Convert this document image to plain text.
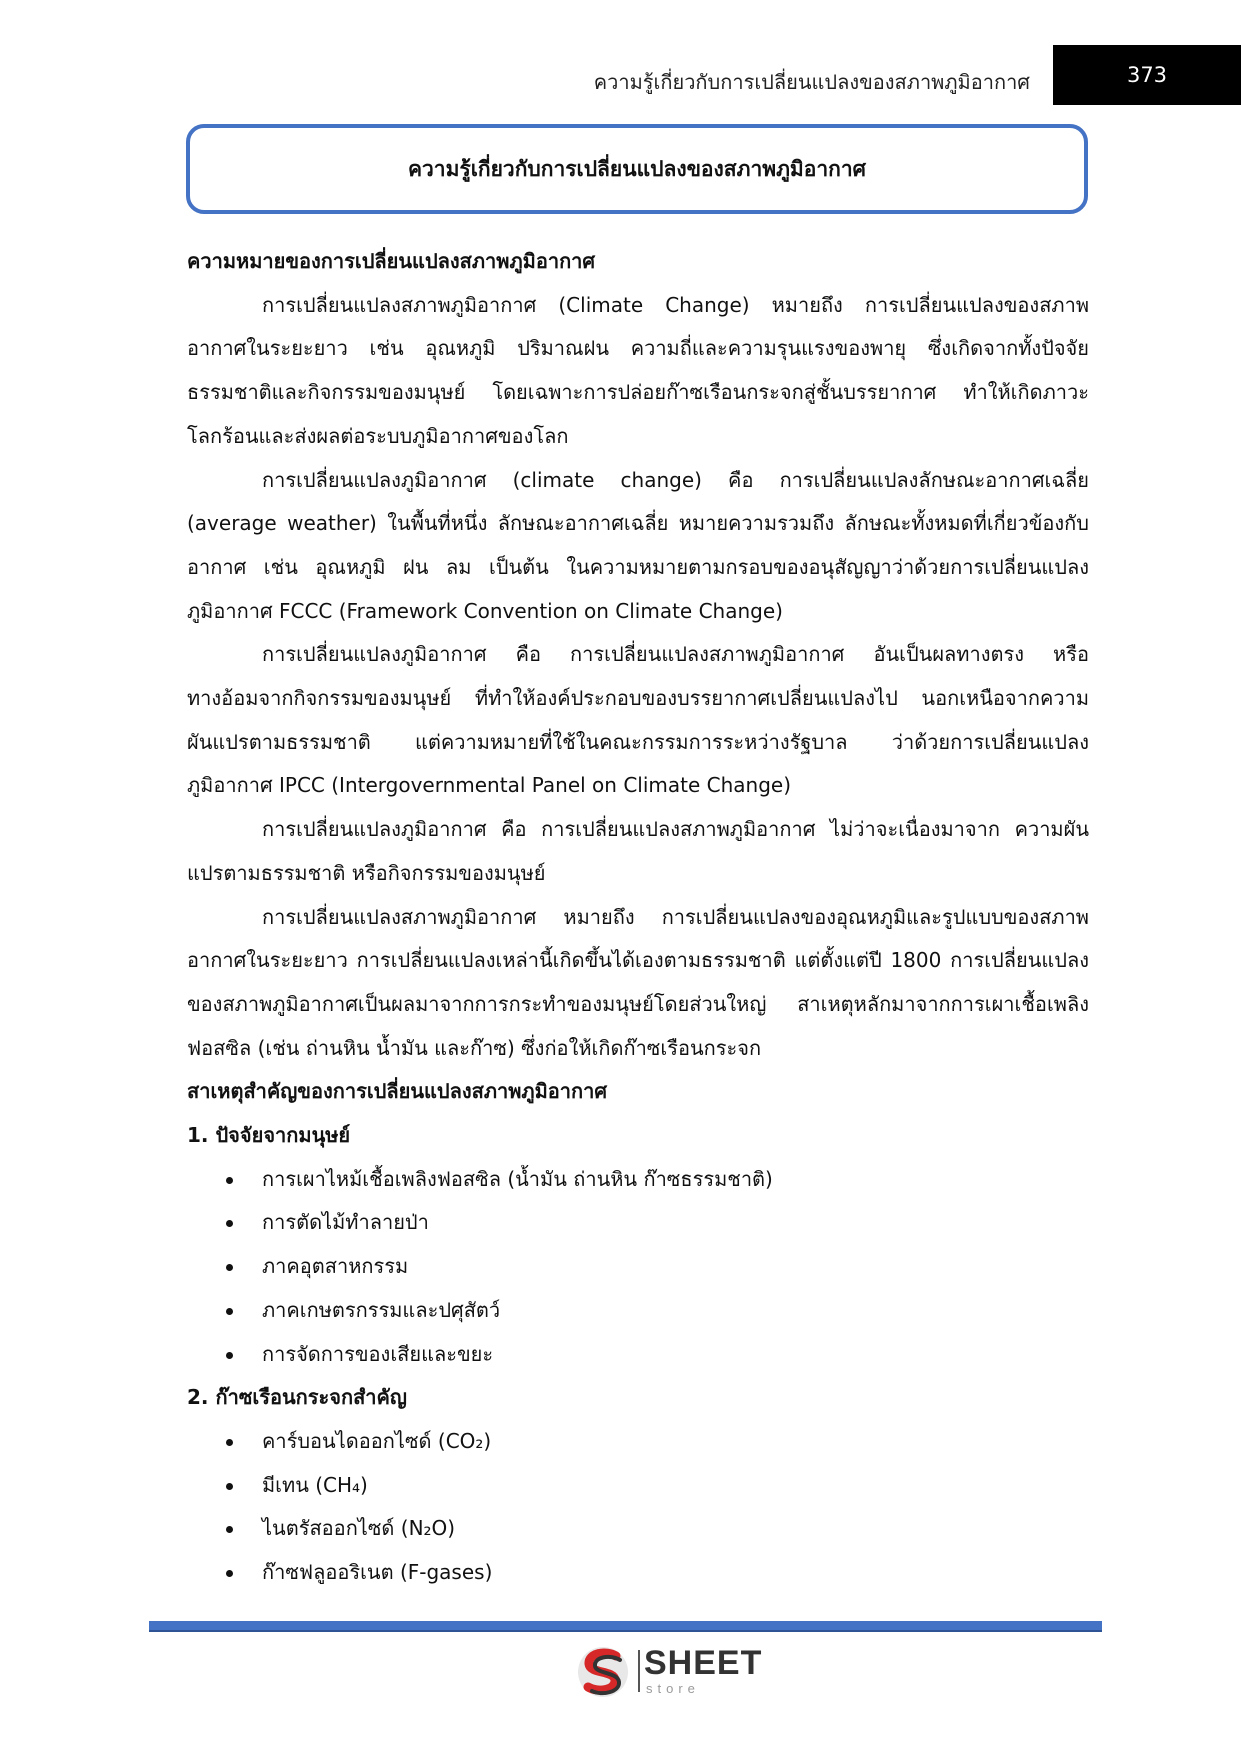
ความรู้เกี่ยวกับการเปลี่ยนแปลงของสภาพภูมิอากาศ	373
ความรู้เกี่ยวกับการเปลี่ยนแปลงของสภาพภูมิอากาศ
ความหมายของการเปลี่ยนแปลงสภาพภูมิอากาศ
การเปลี่ยนแปลงสภาพภูมิอากาศ (Climate Change) หมายถึง การเปลี่ยนแปลงของสภาพ
อากาศในระยะยาว เช่น อุณหภูมิ ปริมาณฝน ความถี่และความรุนแรงของพายุ ซึ่งเกิดจากทั้งปัจจัย
ธรรมชาติและกิจกรรมของมนุษย์ โดยเฉพาะการปล่อยก๊าซเรือนกระจกสู่ชั้นบรรยากาศ ทำให้เกิดภาวะ
โลกร้อนและส่งผลต่อระบบภูมิอากาศของโลก
การเปลี่ยนแปลงภูมิอากาศ (climate change) คือ การเปลี่ยนแปลงลักษณะอากาศเฉลี่ย
(average weather) ในพื้นที่หนึ่ง ลักษณะอากาศเฉลี่ย หมายความรวมถึง ลักษณะทั้งหมดที่เกี่ยวข้องกับ
อากาศ เช่น อุณหภูมิ ฝน ลม เป็นต้น ในความหมายตามกรอบของอนุสัญญาว่าด้วยการเปลี่ยนแปลง
ภูมิอากาศ FCCC (Framework Convention on Climate Change)
การเปลี่ยนแปลงภูมิอากาศ คือ การเปลี่ยนแปลงสภาพภูมิอากาศ อันเป็นผลทางตรง หรือ
ทางอ้อมจากกิจกรรมของมนุษย์ ที่ทำให้องค์ประกอบของบรรยากาศเปลี่ยนแปลงไป นอกเหนือจากความ
ผันแปรตามธรรมชาติ แต่ความหมายที่ใช้ในคณะกรรมการระหว่างรัฐบาล ว่าด้วยการเปลี่ยนแปลง
ภูมิอากาศ IPCC (Intergovernmental Panel on Climate Change)
การเปลี่ยนแปลงภูมิอากาศ คือ การเปลี่ยนแปลงสภาพภูมิอากาศ ไม่ว่าจะเนื่องมาจาก ความผัน
แปรตามธรรมชาติ หรือกิจกรรมของมนุษย์
การเปลี่ยนแปลงสภาพภูมิอากาศ หมายถึง การเปลี่ยนแปลงของอุณหภูมิและรูปแบบของสภาพ
อากาศในระยะยาว การเปลี่ยนแปลงเหล่านี้เกิดขึ้นได้เองตามธรรมชาติ แต่ตั้งแต่ปี 1800 การเปลี่ยนแปลง
ของสภาพภูมิอากาศเป็นผลมาจากการกระทำของมนุษย์โดยส่วนใหญ่ สาเหตุหลักมาจากการเผาเชื้อเพลิง
ฟอสซิล (เช่น ถ่านหิน น้ำมัน และก๊าซ) ซึ่งก่อให้เกิดก๊าซเรือนกระจก
สาเหตุสำคัญของการเปลี่ยนแปลงสภาพภูมิอากาศ
1. ปัจจัยจากมนุษย์
การเผาไหม้เชื้อเพลิงฟอสซิล (น้ำมัน ถ่านหิน ก๊าซธรรมชาติ)
การตัดไม้ทำลายป่า
ภาคอุตสาหกรรม
ภาคเกษตรกรรมและปศุสัตว์
การจัดการของเสียและขยะ
2. ก๊าซเรือนกระจกสำคัญ
คาร์บอนไดออกไซด์ (CO₂)
มีเทน (CH₄)
ไนตรัสออกไซด์ (N₂O)
ก๊าซฟลูออริเนต (F-gases)
SHEET
store
